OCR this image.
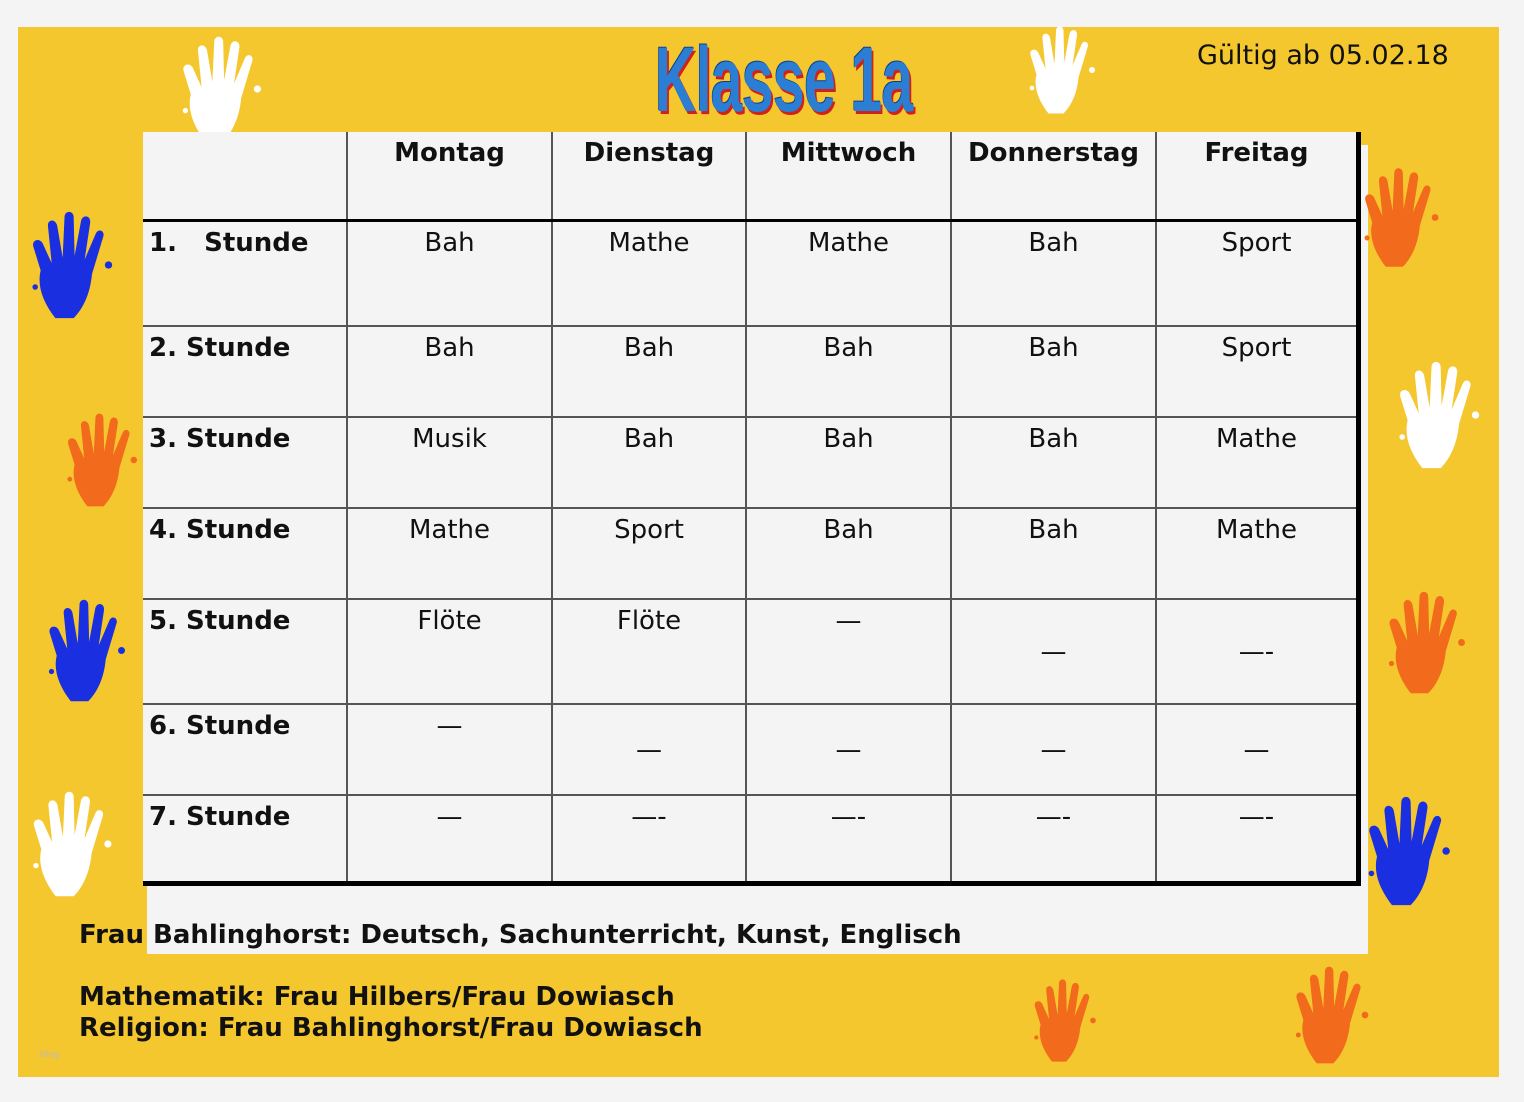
Klasse 1a	Gültig ab 05.02.18
	Montag	Dienstag	Mittwoch	Donnerstag	Freitag
1.   Stunde	Bah	Mathe	Mathe	Bah	Sport
2. Stunde	Bah	Bah	Bah	Bah	Sport
3. Stunde	Musik	Bah	Bah	Bah	Mathe
4. Stunde	Mathe	Sport	Bah	Bah	Mathe
5. Stunde	Flöte	Flöte	—	—	—-
6. Stunde	—	—	—	—	—
7. Stunde	—	—-	—-	—-	—-
Frau Bahlinghorst: Deutsch, Sachunterricht, Kunst, Englisch
Mathematik: Frau Hilbers/Frau Dowiasch
Religion: Frau Bahlinghorst/Frau Dowiasch
blog
